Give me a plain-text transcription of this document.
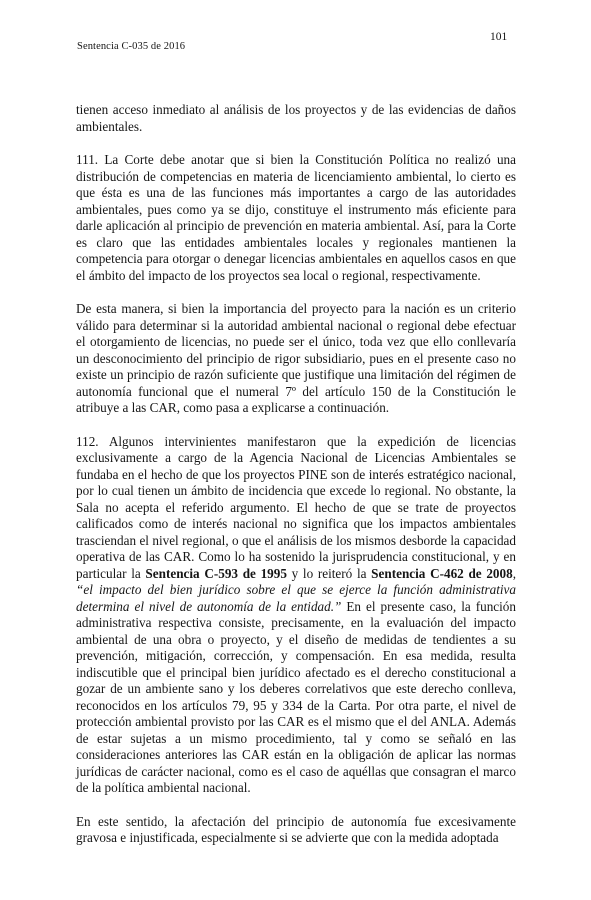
Sentencia C-035 de 2016
101

tienen acceso inmediato al análisis de los proyectos y de las evidencias de daños ambientales.

111. La Corte debe anotar que si bien la Constitución Política no realizó una distribución de competencias en materia de licenciamiento ambiental, lo cierto es que ésta es una de las funciones más importantes a cargo de las autoridades ambientales, pues como ya se dijo, constituye el instrumento más eficiente para darle aplicación al principio de prevención en materia ambiental. Así, para la Corte es claro que las entidades ambientales locales y regionales mantienen la competencia para otorgar o denegar licencias ambientales en aquellos casos en que el ámbito del impacto de los proyectos sea local o regional, respectivamente.

De esta manera, si bien la importancia del proyecto para la nación es un criterio válido para determinar si la autoridad ambiental nacional o regional debe efectuar el otorgamiento de licencias, no puede ser el único, toda vez que ello conllevaría un desconocimiento del principio de rigor subsidiario, pues en el presente caso no existe un principio de razón suficiente que justifique una limitación del régimen de autonomía funcional que el numeral 7º del artículo 150 de la Constitución le atribuye a las CAR, como pasa a explicarse a continuación.

112. Algunos intervinientes manifestaron que la expedición de licencias exclusivamente a cargo de la Agencia Nacional de Licencias Ambientales se fundaba en el hecho de que los proyectos PINE son de interés estratégico nacional, por lo cual tienen un ámbito de incidencia que excede lo regional. No obstante, la Sala no acepta el referido argumento. El hecho de que se trate de proyectos calificados como de interés nacional no significa que los impactos ambientales trasciendan el nivel regional, o que el análisis de los mismos desborde la capacidad operativa de las CAR. Como lo ha sostenido la jurisprudencia constitucional, y en particular la Sentencia C-593 de 1995 y lo reiteró la Sentencia C-462 de 2008, “el impacto del bien jurídico sobre el que se ejerce la función administrativa determina el nivel de autonomía de la entidad.” En el presente caso, la función administrativa respectiva consiste, precisamente, en la evaluación del impacto ambiental de una obra o proyecto, y el diseño de medidas de tendientes a su prevención, mitigación, corrección, y compensación. En esa medida, resulta indiscutible que el principal bien jurídico afectado es el derecho constitucional a gozar de un ambiente sano y los deberes correlativos que este derecho conlleva, reconocidos en los artículos 79, 95 y 334 de la Carta. Por otra parte, el nivel de protección ambiental provisto por las CAR es el mismo que el del ANLA. Además de estar sujetas a un mismo procedimiento, tal y como se señaló en las consideraciones anteriores las CAR están en la obligación de aplicar las normas jurídicas de carácter nacional, como es el caso de aquéllas que consagran el marco de la política ambiental nacional.

En este sentido, la afectación del principio de autonomía fue excesivamente gravosa e injustificada, especialmente si se advierte que con la medida adoptada
